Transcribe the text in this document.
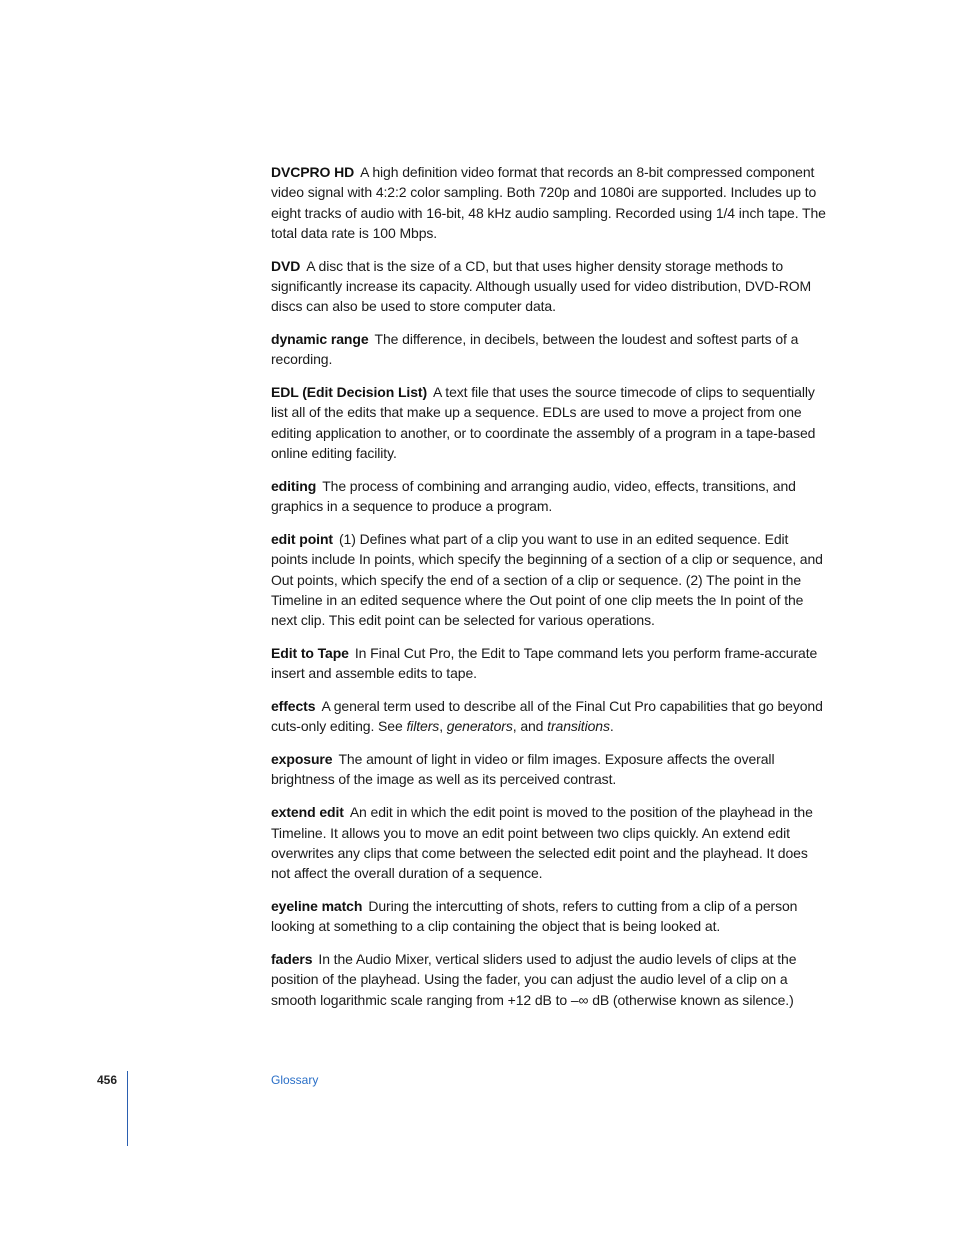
DVCPRO HD A high definition video format that records an 8-bit compressed component video signal with 4:2:2 color sampling. Both 720p and 1080i are supported. Includes up to eight tracks of audio with 16-bit, 48 kHz audio sampling. Recorded using 1/4 inch tape. The total data rate is 100 Mbps.

DVD A disc that is the size of a CD, but that uses higher density storage methods to significantly increase its capacity. Although usually used for video distribution, DVD-ROM discs can also be used to store computer data.

dynamic range The difference, in decibels, between the loudest and softest parts of a recording.

EDL (Edit Decision List) A text file that uses the source timecode of clips to sequentially list all of the edits that make up a sequence. EDLs are used to move a project from one editing application to another, or to coordinate the assembly of a program in a tape-based online editing facility.

editing The process of combining and arranging audio, video, effects, transitions, and graphics in a sequence to produce a program.

edit point (1) Defines what part of a clip you want to use in an edited sequence. Edit points include In points, which specify the beginning of a section of a clip or sequence, and Out points, which specify the end of a section of a clip or sequence. (2) The point in the Timeline in an edited sequence where the Out point of one clip meets the In point of the next clip. This edit point can be selected for various operations.

Edit to Tape In Final Cut Pro, the Edit to Tape command lets you perform frame-accurate insert and assemble edits to tape.

effects A general term used to describe all of the Final Cut Pro capabilities that go beyond cuts-only editing. See filters, generators, and transitions.

exposure The amount of light in video or film images. Exposure affects the overall brightness of the image as well as its perceived contrast.

extend edit An edit in which the edit point is moved to the position of the playhead in the Timeline. It allows you to move an edit point between two clips quickly. An extend edit overwrites any clips that come between the selected edit point and the playhead. It does not affect the overall duration of a sequence.

eyeline match During the intercutting of shots, refers to cutting from a clip of a person looking at something to a clip containing the object that is being looked at.

faders In the Audio Mixer, vertical sliders used to adjust the audio levels of clips at the position of the playhead. Using the fader, you can adjust the audio level of a clip on a smooth logarithmic scale ranging from +12 dB to –∞ dB (otherwise known as silence.)

456	Glossary
